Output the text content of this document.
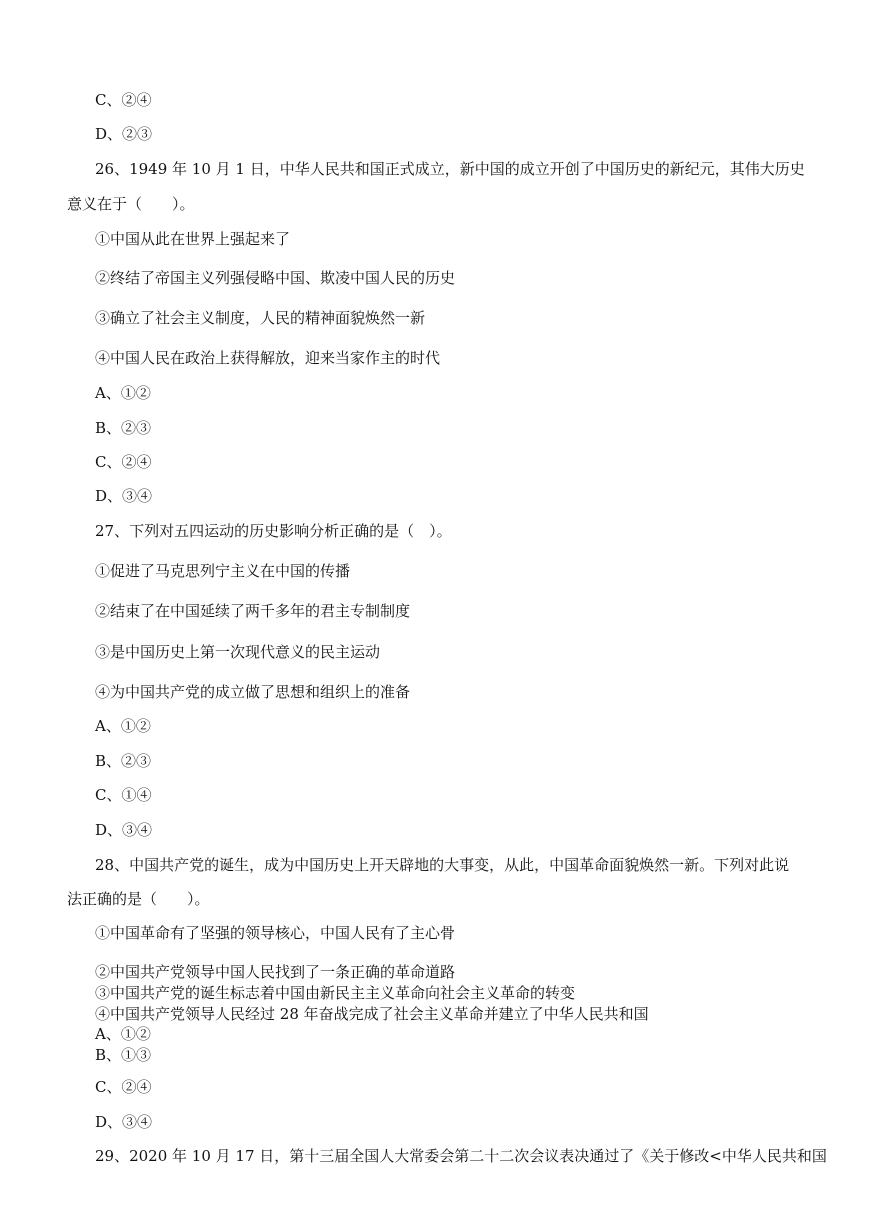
C、②④
D、②③
26、1949 年 10 月 1 日，中华人民共和国正式成立，新中国的成立开创了中国历史的新纪元，其伟大历史
意义在于（　　）。
①中国从此在世界上强起来了
②终结了帝国主义列强侵略中国、欺凌中国人民的历史
③确立了社会主义制度，人民的精神面貌焕然一新
④中国人民在政治上获得解放，迎来当家作主的时代
A、①②
B、②③
C、②④
D、③④
27、下列对五四运动的历史影响分析正确的是（　）。
①促进了马克思列宁主义在中国的传播
②结束了在中国延续了两千多年的君主专制制度
③是中国历史上第一次现代意义的民主运动
④为中国共产党的成立做了思想和组织上的准备
A、①②
B、②③
C、①④
D、③④
28、中国共产党的诞生，成为中国历史上开天辟地的大事变，从此，中国革命面貌焕然一新。下列对此说
法正确的是（　　）。
①中国革命有了坚强的领导核心，中国人民有了主心骨
②中国共产党领导中国人民找到了一条正确的革命道路
③中国共产党的诞生标志着中国由新民主主义革命向社会主义革命的转变
④中国共产党领导人民经过 28 年奋战完成了社会主义革命并建立了中华人民共和国
A、①②
B、①③
C、②④
D、③④
29、2020 年 10 月 17 日，第十三届全国人大常委会第二十二次会议表决通过了《关于修改<中华人民共和国
